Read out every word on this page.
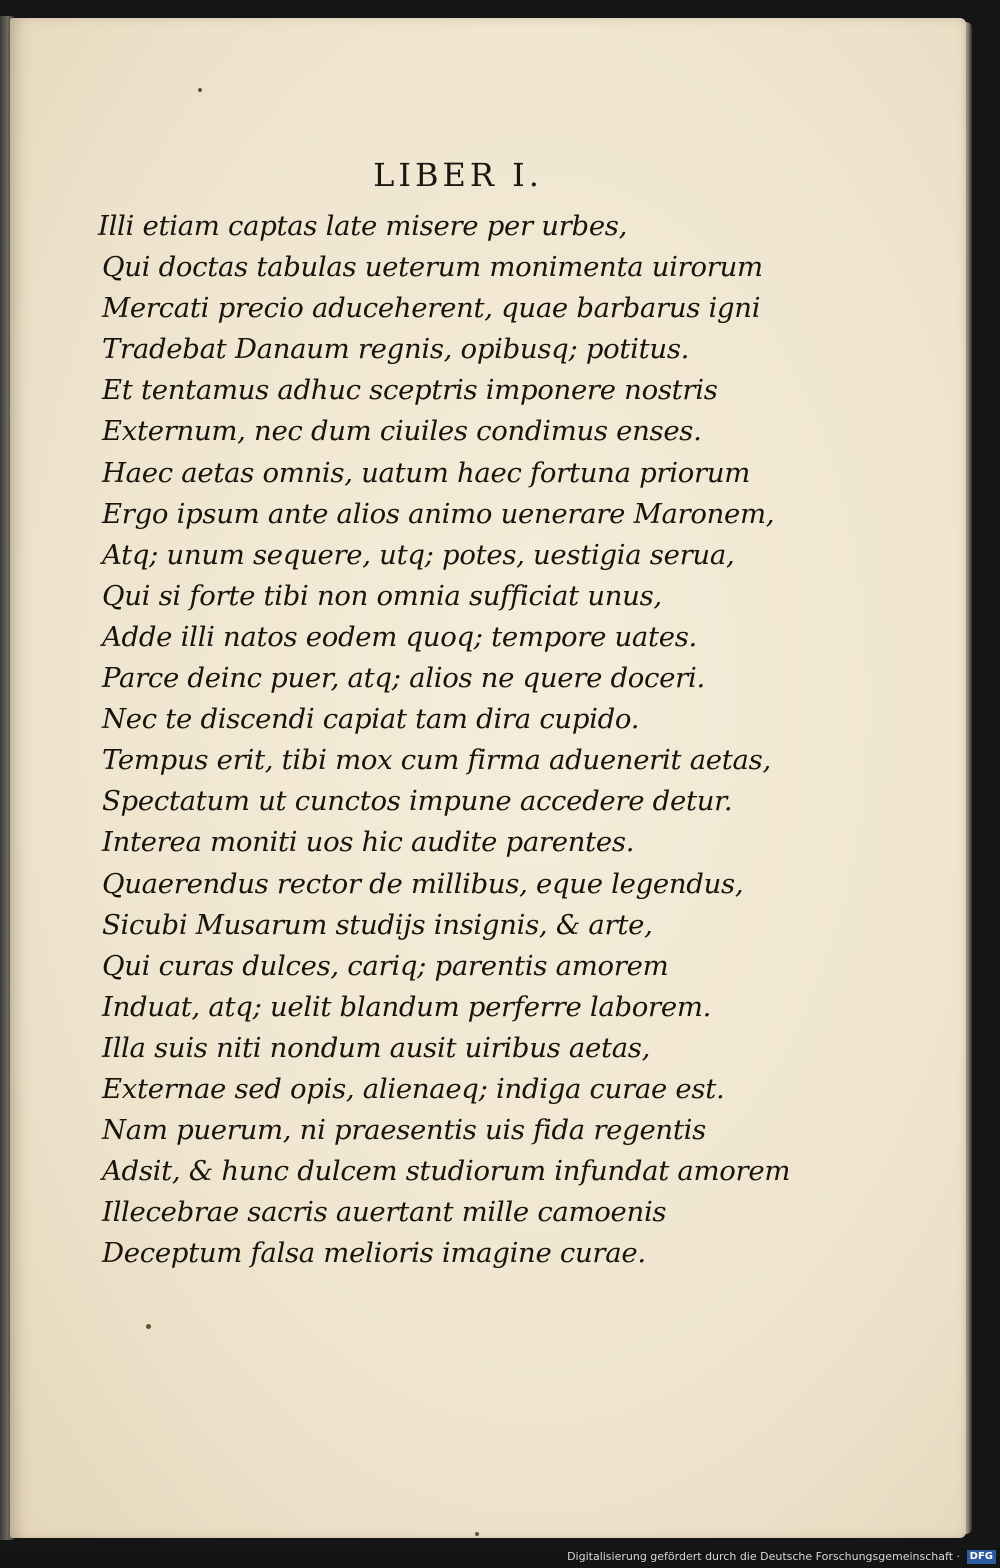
LIBER I.
Illi etiam captas late misere per urbes,
Qui doctas tabulas ueterum monimenta uirorum
Mercati precio aduceherent, quae barbarus igni
Tradebat Danaum regnis, opibusq; potitus.
Et tentamus adhuc sceptris imponere nostris
Externum, nec dum ciuiles condimus enses.
Haec aetas omnis, uatum haec fortuna priorum
Ergo ipsum ante alios animo uenerare Maronem,
Atq; unum sequere, utq; potes, uestigia serua,
Qui si forte tibi non omnia sufficiat unus,
Adde illi natos eodem quoq; tempore uates.
Parce deinc puer, atq; alios ne quere doceri.
Nec te discendi capiat tam dira cupido.
Tempus erit, tibi mox cum firma aduenerit aetas,
Spectatum ut cunctos impune accedere detur.
Interea moniti uos hic audite parentes.
Quaerendus rector de millibus, eque legendus,
Sicubi Musarum studijs insignis, & arte,
Qui curas dulces, cariq; parentis amorem
Induat, atq; uelit blandum perferre laborem.
Illa suis niti nondum ausit uiribus aetas,
Externae sed opis, alienaeq; indiga curae est.
Nam puerum, ni praesentis uis fida regentis
Adsit, & hunc dulcem studiorum infundat amorem
Illecebrae sacris auertant mille camoenis
Deceptum falsa melioris imagine curae.
Digitalisierung gefördert durch die Deutsche Forschungsgemeinschaft · DFG
